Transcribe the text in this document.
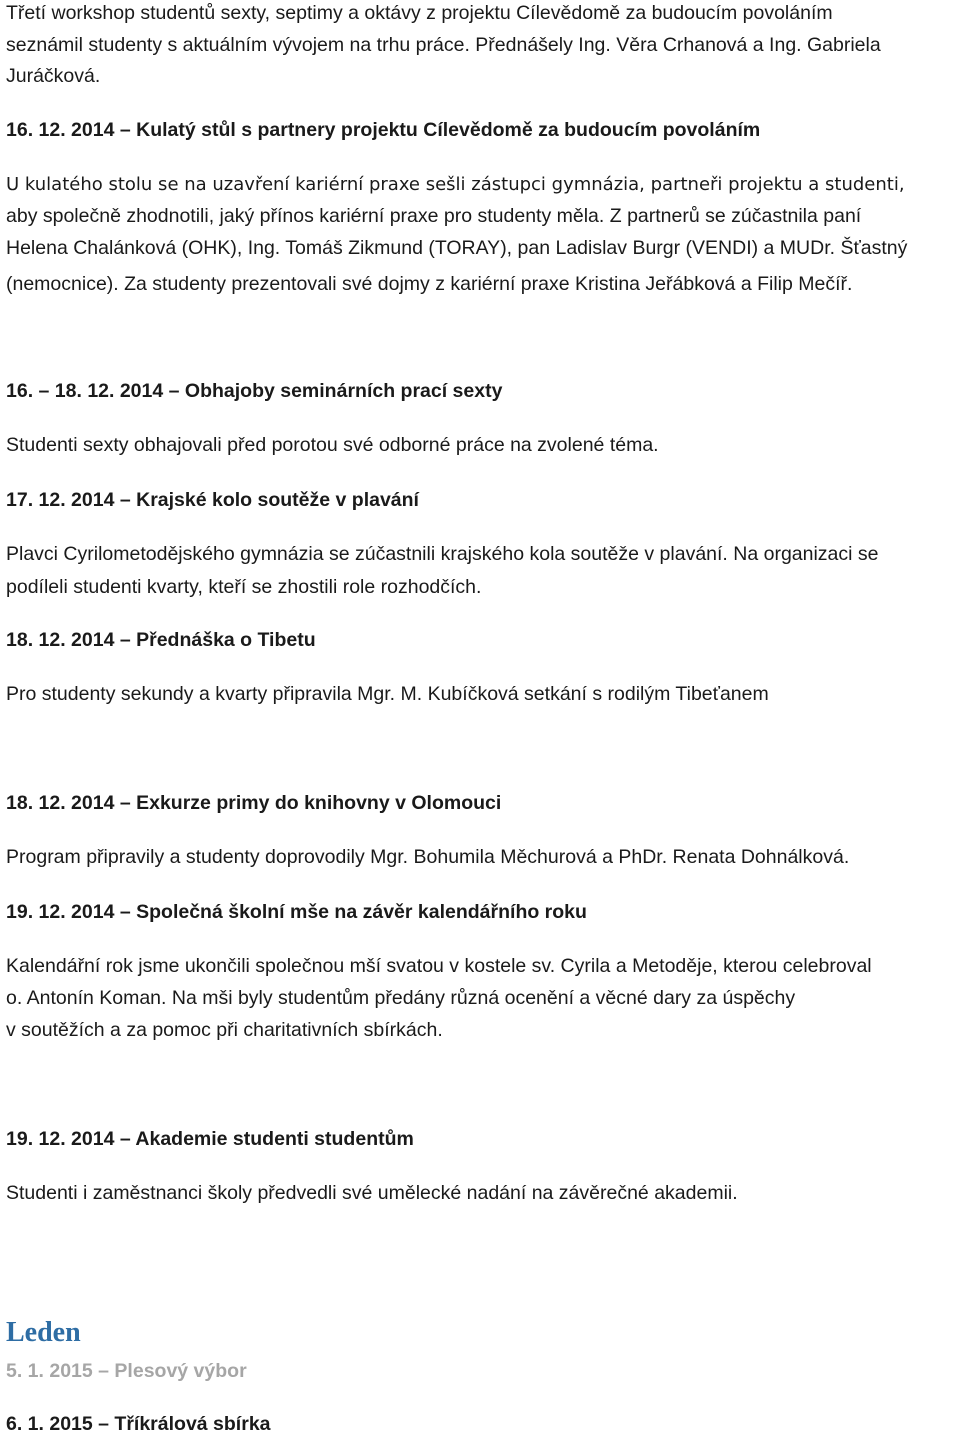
Třetí workshop studentů sexty, septimy a oktávy z projektu Cílevědomě za budoucím povoláním
seznámil studenty s aktuálním vývojem na trhu práce. Přednášely Ing. Věra Crhanová a Ing. Gabriela
Juráčková.
16. 12. 2014 – Kulatý stůl s partnery projektu Cílevědomě za budoucím povoláním
U kulatého stolu se na uzavření kariérní praxe sešli zástupci gymnázia, partneři projektu a studenti,
aby společně zhodnotili, jaký přínos kariérní praxe pro studenty měla. Z partnerů se zúčastnila paní
Helena Chalánková (OHK), Ing. Tomáš Zikmund (TORAY), pan Ladislav Burgr (VENDI) a MUDr. Šťastný
(nemocnice). Za studenty prezentovali své dojmy z kariérní praxe Kristina Jeřábková a Filip Mečíř.
16. – 18. 12. 2014 – Obhajoby seminárních prací sexty
Studenti sexty obhajovali před porotou své odborné práce na zvolené téma.
17. 12. 2014 – Krajské kolo soutěže v plavání
Plavci Cyrilometodějského gymnázia se zúčastnili krajského kola soutěže v plavání. Na organizaci se
podíleli studenti kvarty, kteří se zhostili role rozhodčích.
18. 12. 2014 – Přednáška o Tibetu
Pro studenty sekundy a kvarty připravila Mgr. M. Kubíčková setkání s rodilým Tibeťanem
18. 12. 2014 – Exkurze primy do knihovny v Olomouci
Program připravily a studenty doprovodily Mgr. Bohumila Měchurová a PhDr. Renata Dohnálková.
19. 12. 2014 – Společná školní mše na závěr kalendářního roku
Kalendářní rok jsme ukončili společnou mší svatou v kostele sv. Cyrila a Metoděje, kterou celebroval
o. Antonín Koman. Na mši byly studentům předány různá ocenění a věcné dary za úspěchy
v soutěžích a za pomoc při charitativních sbírkách.
19. 12. 2014 – Akademie studenti studentům
Studenti i zaměstnanci školy předvedli své umělecké nadání na závěrečné akademii.
Leden
5. 1. 2015 – Plesový výbor
6. 1. 2015 – Tříkrálová sbírka
